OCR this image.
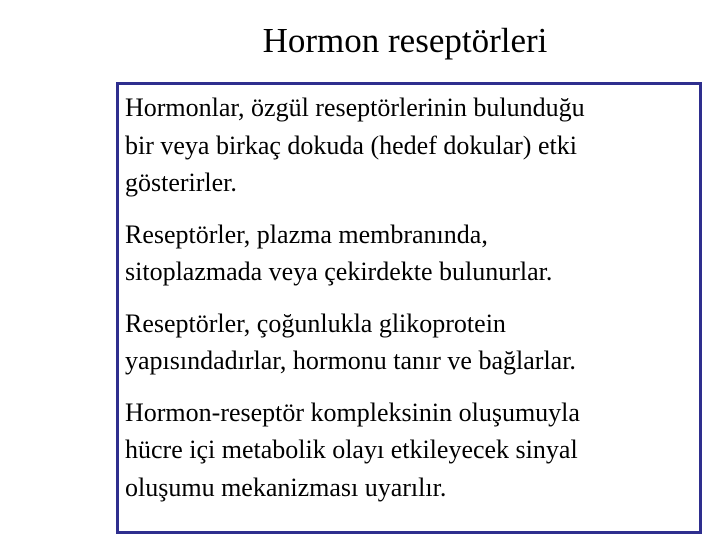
Hormon reseptörleri

Hormonlar, özgül reseptörlerinin bulunduğu
bir veya birkaç dokuda (hedef dokular) etki
gösterirler.

Reseptörler, plazma membranında,
sitoplazmada veya çekirdekte bulunurlar.

Reseptörler, çoğunlukla glikoprotein
yapısındadırlar, hormonu tanır ve bağlarlar.

Hormon-reseptör kompleksinin oluşumuyla
hücre içi metabolik olayı etkileyecek sinyal
oluşumu mekanizması uyarılır.
